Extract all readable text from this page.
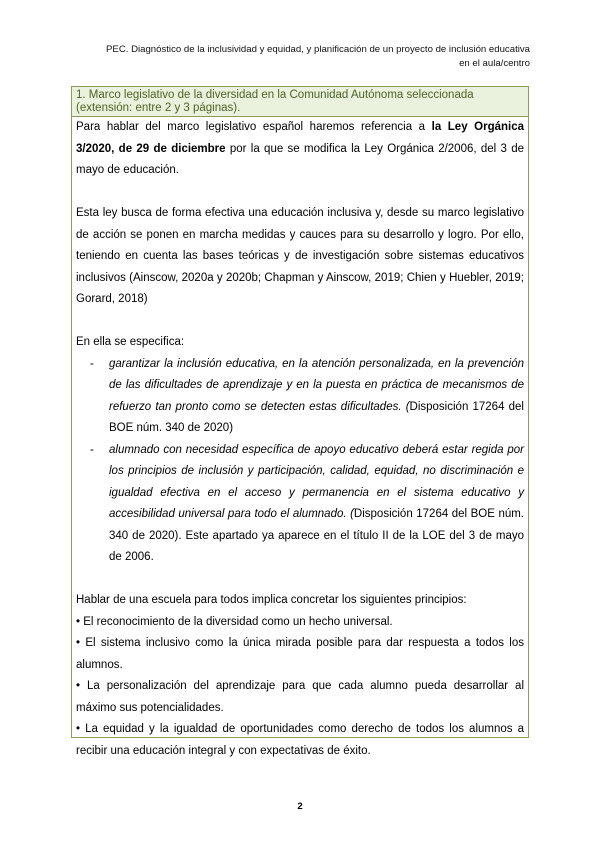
PEC. Diagnóstico de la inclusividad y equidad, y planificación de un proyecto de inclusión educativa
en el aula/centro
1. Marco legislativo de la diversidad en la Comunidad Autónoma seleccionada
(extensión: entre 2 y 3 páginas).

Para hablar del marco legislativo español haremos referencia a la Ley Orgánica 3/2020, de 29 de diciembre por la que se modifica la Ley Orgánica 2/2006, del 3 de mayo de educación.

Esta ley busca de forma efectiva una educación inclusiva y, desde su marco legislativo de acción se ponen en marcha medidas y cauces para su desarrollo y logro. Por ello, teniendo en cuenta las bases teóricas y de investigación sobre sistemas educativos inclusivos (Ainscow, 2020a y 2020b; Chapman y Ainscow, 2019; Chien y Huebler, 2019; Gorard, 2018)

En ella se especifica:

- garantizar la inclusión educativa, en la atención personalizada, en la prevención de las dificultades de aprendizaje y en la puesta en práctica de mecanismos de refuerzo tan pronto como se detecten estas dificultades. (Disposición 17264 del BOE núm. 340 de 2020)
- alumnado con necesidad específica de apoyo educativo deberá estar regida por los principios de inclusión y participación, calidad, equidad, no discriminación e igualdad efectiva en el acceso y permanencia en el sistema educativo y accesibilidad universal para todo el alumnado. (Disposición 17264 del BOE núm. 340 de 2020). Este apartado ya aparece en el título II de la LOE del 3 de mayo de 2006.

Hablar de una escuela para todos implica concretar los siguientes principios:

• El reconocimiento de la diversidad como un hecho universal.

• El sistema inclusivo como la única mirada posible para dar respuesta a todos los alumnos.

• La personalización del aprendizaje para que cada alumno pueda desarrollar al máximo sus potencialidades.

• La equidad y la igualdad de oportunidades como derecho de todos los alumnos a recibir una educación integral y con expectativas de éxito.

2
